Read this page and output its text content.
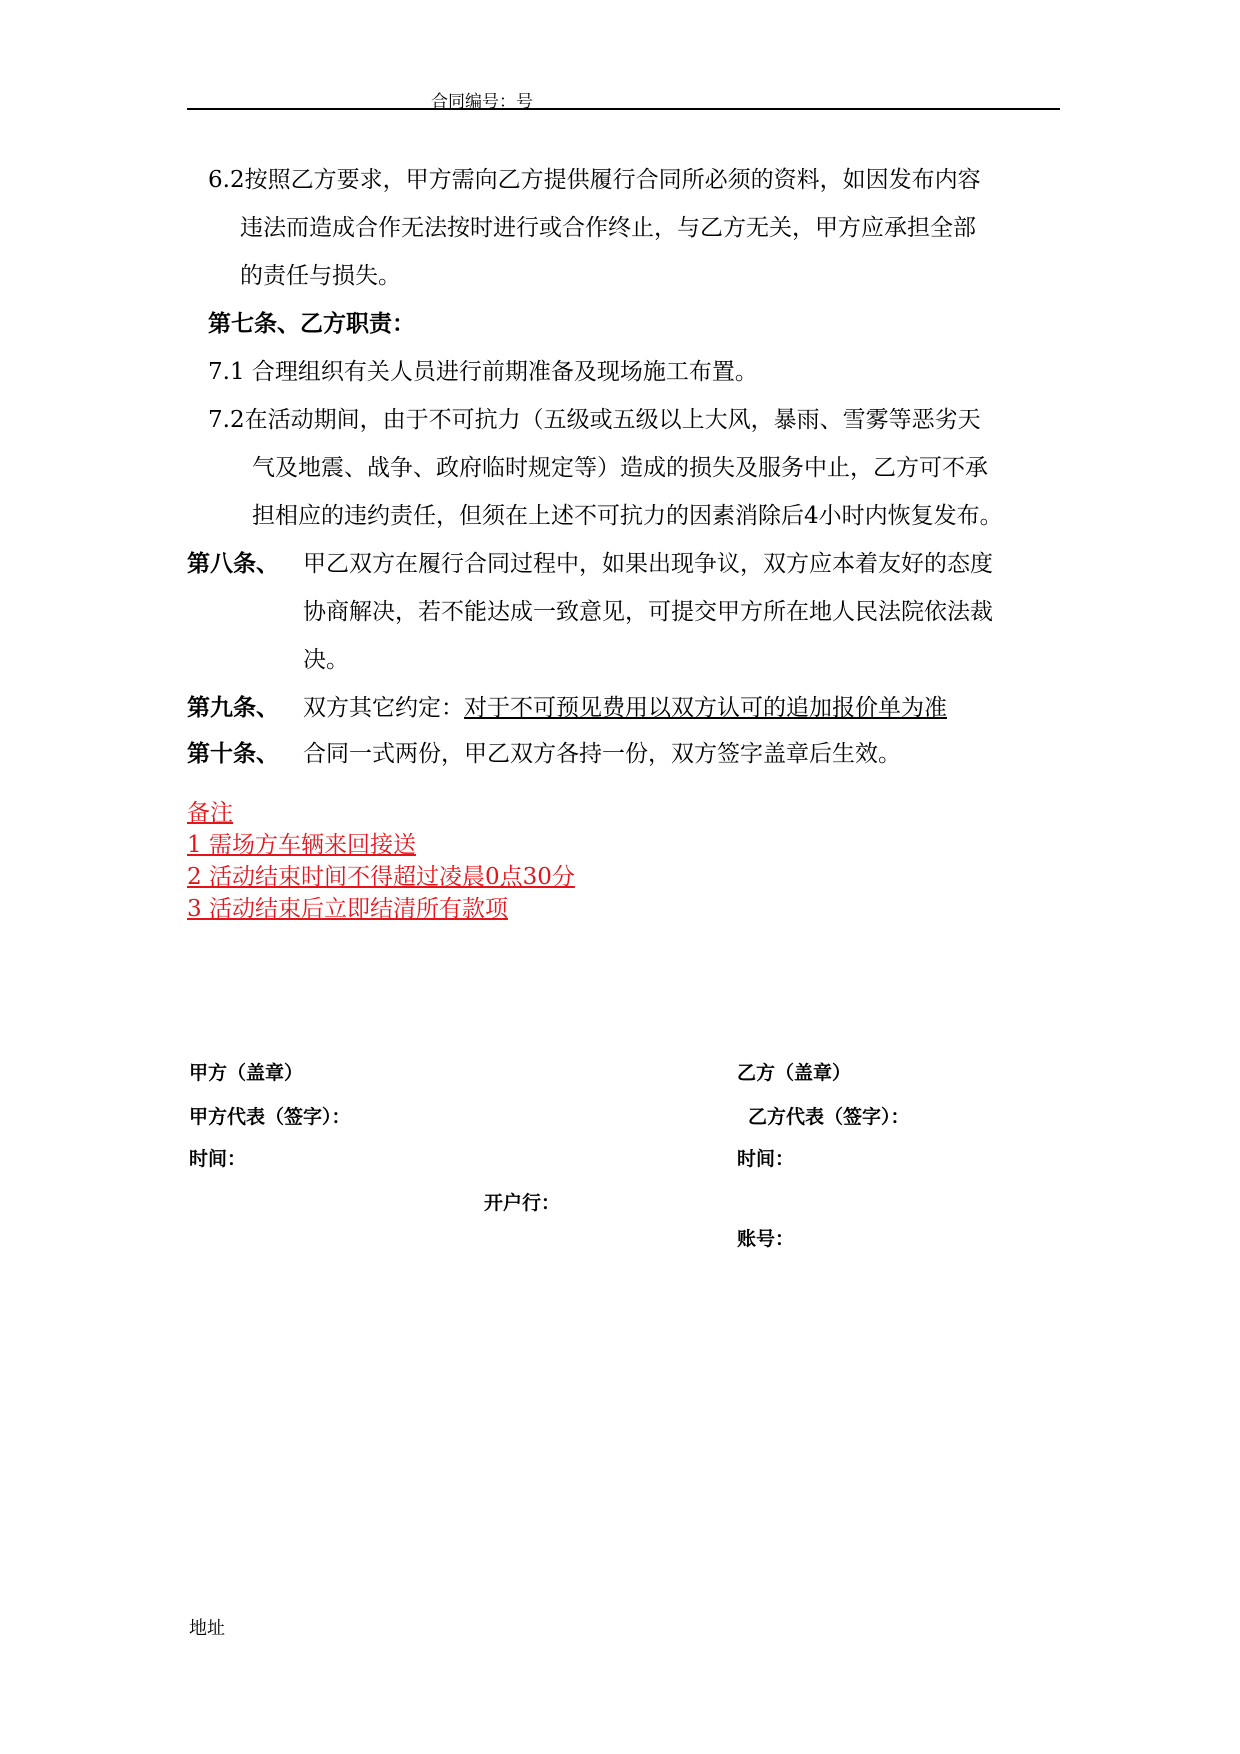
合同编号：号
6.2按照乙方要求，甲方需向乙方提供履行合同所必须的资料，如因发布内容
违法而造成合作无法按时进行或合作终止，与乙方无关，甲方应承担全部
的责任与损失。
第七条、乙方职责：
7.1 合理组织有关人员进行前期准备及现场施工布置。
7.2在活动期间，由于不可抗力（五级或五级以上大风，暴雨、雪雾等恶劣天
气及地震、战争、政府临时规定等）造成的损失及服务中止，乙方可不承
担相应的违约责任，但须在上述不可抗力的因素消除后4小时内恢复发布。
第八条、 甲乙双方在履行合同过程中，如果出现争议，双方应本着友好的态度
协商解决，若不能达成一致意见，可提交甲方所在地人民法院依法裁
决。
第九条、 双方其它约定：对于不可预见费用以双方认可的追加报价单为准
第十条、 合同一式两份，甲乙双方各持一份，双方签字盖章后生效。
备注
1 需场方车辆来回接送
2 活动结束时间不得超过凌晨0点30分
3 活动结束后立即结清所有款项
甲方（盖章）	乙方（盖章）
甲方代表（签字）：	乙方代表（签字）：
时间：	时间：
开户行：
账号：
地址
